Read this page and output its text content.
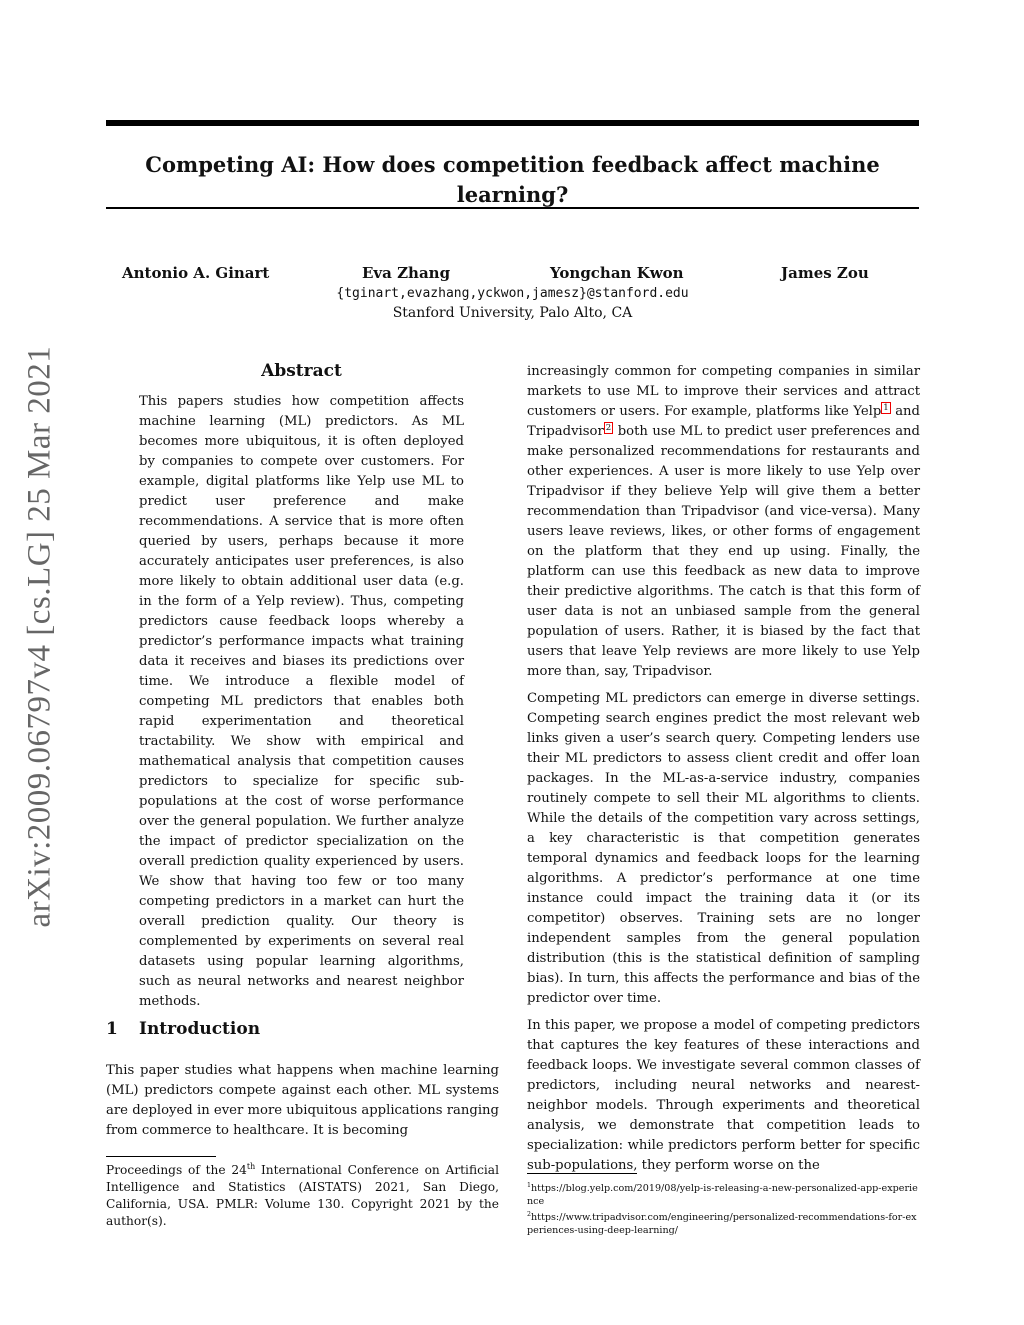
Competing AI: How does competition feedback affect machine learning?
Antonio A. Ginart	Eva Zhang	Yongchan Kwon	James Zou

{tginart,evazhang,yckwon,jamesz}@stanford.edu

Stanford University, Palo Alto, CA

arXiv:2009.06797v4 [cs.LG] 25 Mar 2021	Abstract

This papers studies how competition affects machine learning (ML) predictors. As ML becomes more ubiquitous, it is often deployed by companies to compete over customers. For example, digital platforms like Yelp use ML to predict user preference and make recommendations. A service that is more often queried by users, perhaps because it more accurately anticipates user preferences, is also more likely to obtain additional user data (e.g. in the form of a Yelp review). Thus, competing predictors cause feedback loops whereby a predictor’s performance impacts what training data it receives and biases its predictions over time. We introduce a flexible model of competing ML predictors that enables both rapid experimentation and theoretical tractability. We show with empirical and mathematical analysis that competition causes predictors to specialize for specific sub-populations at the cost of worse performance over the general population. We further analyze the impact of predictor specialization on the overall prediction quality experienced by users. We show that having too few or too many competing predictors in a market can hurt the overall prediction quality. Our theory is complemented by experiments on several real datasets using popular learning algorithms, such as neural networks and nearest neighbor methods.

1 Introduction

This paper studies what happens when machine learning (ML) predictors compete against each other. ML systems are deployed in ever more ubiquitous applications ranging from commerce to healthcare. It is becoming

Proceedings of the 24th International Conference on Artificial Intelligence and Statistics (AISTATS) 2021, San Diego, California, USA. PMLR: Volume 130. Copyright 2021 by the author(s).

increasingly common for competing companies in similar markets to use ML to improve their services and attract customers or users. For example, platforms like Yelp $^1$ and Tripadvisor $^2$ both use ML to predict user preferences and make personalized recommendations for restaurants and other experiences. A user is more likely to use Yelp over Tripadvisor if they believe Yelp will give them a better recommendation than Tripadvisor (and vice-versa). Many users leave reviews, likes, or other forms of engagement on the platform that they end up using. Finally, the platform can use this feedback as new data to improve their predictive algorithms. The catch is that this form of user data is not an unbiased sample from the general population of users. Rather, it is biased by the fact that users that leave Yelp reviews are more likely to use Yelp more than, say, Tripadvisor.

Competing ML predictors can emerge in diverse settings. Competing search engines predict the most relevant web links given a user’s search query. Competing lenders use their ML predictors to assess client credit and offer loan packages. In the ML-as-a-service industry, companies routinely compete to sell their ML algorithms to clients. While the details of the competition vary across settings, a key characteristic is that competition generates temporal dynamics and feedback loops for the learning algorithms. A predictor’s performance at one time instance could impact the training data it (or its competitor) observes. Training sets are no longer independent samples from the general population distribution (this is the statistical definition of sampling bias). In turn, this affects the performance and bias of the predictor over time.

In this paper, we propose a model of competing predictors that captures the key features of these interactions and feedback loops. We investigate several common classes of predictors, including neural networks and nearest-neighbor models. Through experiments and theoretical analysis, we demonstrate that competition leads to specialization: while predictors perform better for specific sub-populations, they perform worse on the

$^1$https://blog.yelp.com/2019/08/yelp-is-releasing-a-new-personalized-app-experience

$^2$https://www.tripadvisor.com/engineering/personalized-recommendations-for-experiences-using-deep-learning/
